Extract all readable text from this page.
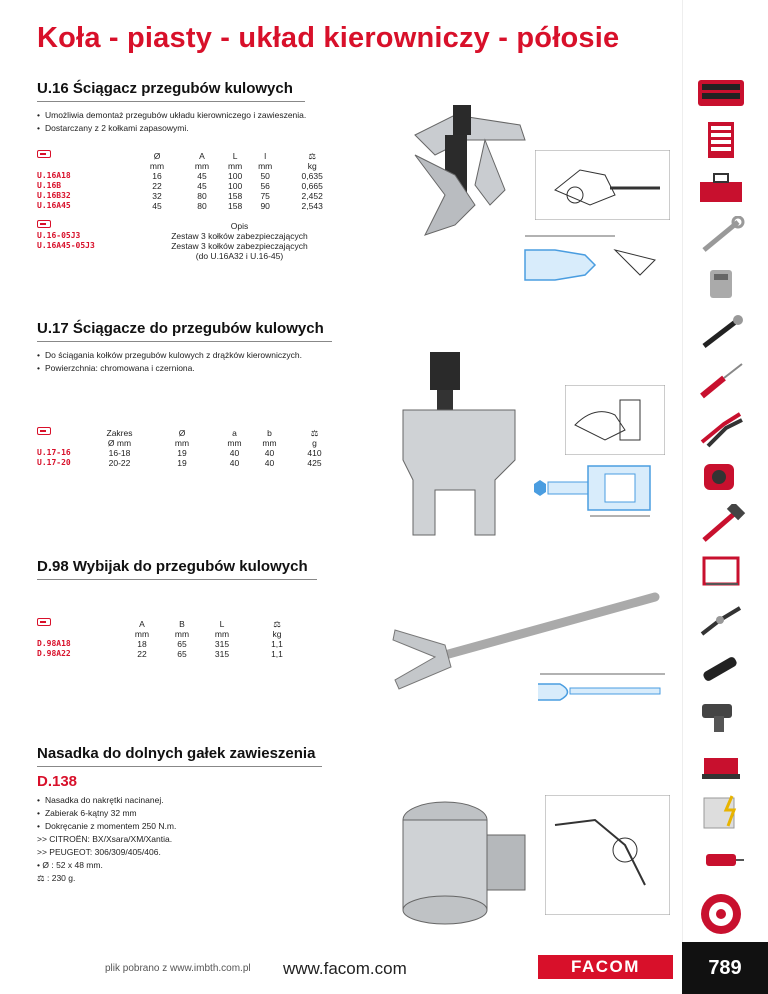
Koła - piasty - układ kierowniczy - półosie
U.16 Ściągacz przegubów kulowych
• Umożliwia demontaż przegubów układu kierowniczego i zawieszenia.
• Dostarczany z 2 kołkami zapasowymi.
	Ø	A	L	l	⚖
	mm	mm	mm	mm	kg
U.16A18	16	45	100	50	0,635
U.16B	22	45	100	56	0,665
U.16B32	32	80	158	75	2,452
U.16A45	45	80	158	90	2,543
	Opis
U.16-05J3	Zestaw 3 kołków zabezpieczających
U.16A45-05J3	Zestaw 3 kołków zabezpieczających
	(do U.16A32 i U.16-45)
U.17 Ściągacze do przegubów kulowych
• Do ściągania kołków przegubów kulowych z drążków kierowniczych.
• Powierzchnia: chromowana i czerniona.
	Zakres	Ø	a	b	⚖
	Ø mm	mm	mm	mm	g
U.17-16	16-18	19	40	40	410
U.17-20	20-22	19	40	40	425
D.98 Wybijak do przegubów kulowych
	A	B	L	⚖
	mm	mm	mm	kg
D.98A18	18	65	315	1,1
D.98A22	22	65	315	1,1
Nasadka do dolnych gałek zawieszenia
D.138
• Nasadka do nakrętki nacinanej.
• Zabierak 6-kątny 32 mm
• Dokręcanie z momentem 250 N.m.
>> CITROËN: BX/Xsara/XM/Xantia.
>> PEUGEOT: 306/309/405/406.
• Ø : 52 x 48 mm.
⚖ : 230 g.
plik pobrano z www.imbth.com.pl www.facom.com	FACOM	789
